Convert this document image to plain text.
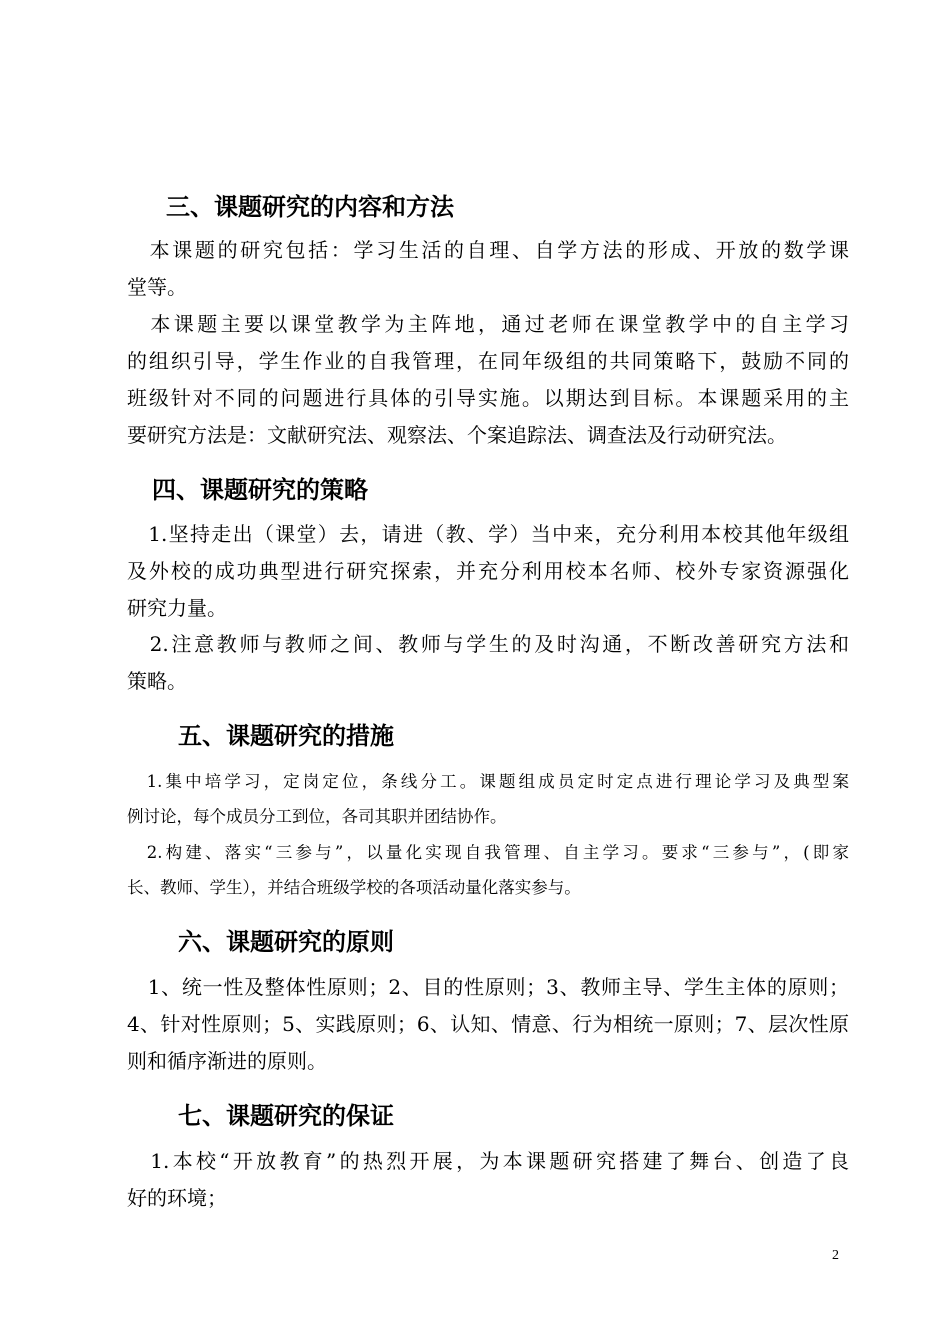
三、课题研究的内容和方法
　本课题的研究包括：学习生活的自理、自学方法的形成、开放的数学课
堂等。
　本课题主要以课堂教学为主阵地，通过老师在课堂教学中的自主学习
的组织引导，学生作业的自我管理，在同年级组的共同策略下，鼓励不同的
班级针对不同的问题进行具体的引导实施。以期达到目标。本课题采用的主
要研究方法是：文献研究法、观察法、个案追踪法、调查法及行动研究法。
四、课题研究的策略
　1.坚持走出（课堂）去，请进（教、学）当中来，充分利用本校其他年级组
及外校的成功典型进行研究探索，并充分利用校本名师、校外专家资源强化
研究力量。
　2.注意教师与教师之间、教师与学生的及时沟通，不断改善研究方法和
策略。
五、课题研究的措施
　1.集中培学习，定岗定位，条线分工。课题组成员定时定点进行理论学习及典型案
例讨论，每个成员分工到位，各司其职并团结协作。
　2.构建、落实“三参与”，以量化实现自我管理、自主学习。要求“三参与”，(即家
长、教师、学生），并结合班级学校的各项活动量化落实参与。
六、课题研究的原则
　1、统一性及整体性原则；2、目的性原则；3、教师主导、学生主体的原则；
4、针对性原则；5、实践原则；6、认知、情意、行为相统一原则；7、层次性原
则和循序渐进的原则。
七、课题研究的保证
　1.本校“开放教育”的热烈开展，为本课题研究搭建了舞台、创造了良
好的环境；
2
